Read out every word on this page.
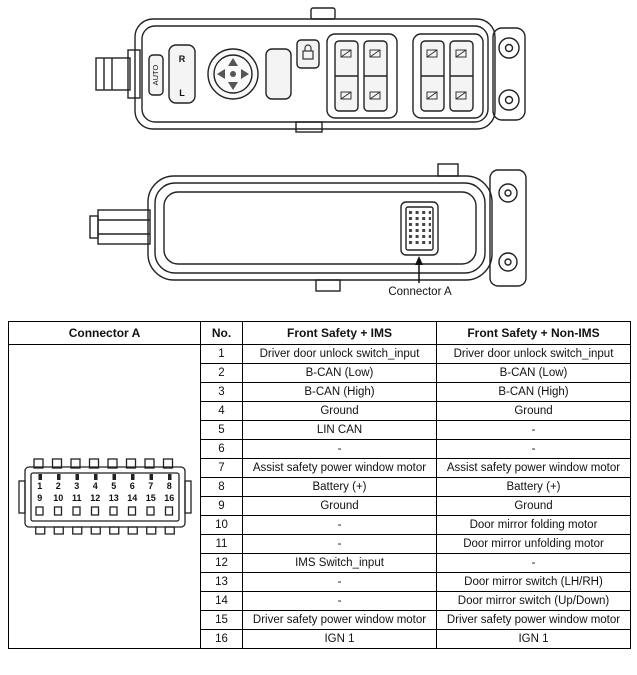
AUTO
R
L
Connector A
Connector A	No.	Front Safety + IMS	Front Safety + Non-IMS

1	2	3	4	5	6	7	8
9	10 11 12 13 14 15 16
	1	Driver door unlock switch_input	Driver door unlock switch_input
	2	B-CAN (Low)	B-CAN (Low)
	3	B-CAN (High)	B-CAN (High)
	4	Ground	Ground
	5	LIN CAN	-
	6	-	-
	7	Assist safety power window motor	Assist safety power window motor
	8	Battery (+)	Battery (+)
	9	Ground	Ground
	10	-	Door mirror folding motor
	11	-	Door mirror unfolding motor
	12	IMS Switch_input	-
	13	-	Door mirror switch (LH/RH)
	14	-	Door mirror switch (Up/Down)
	15	Driver safety power window motor	Driver safety power window motor
	16	IGN 1	IGN 1
